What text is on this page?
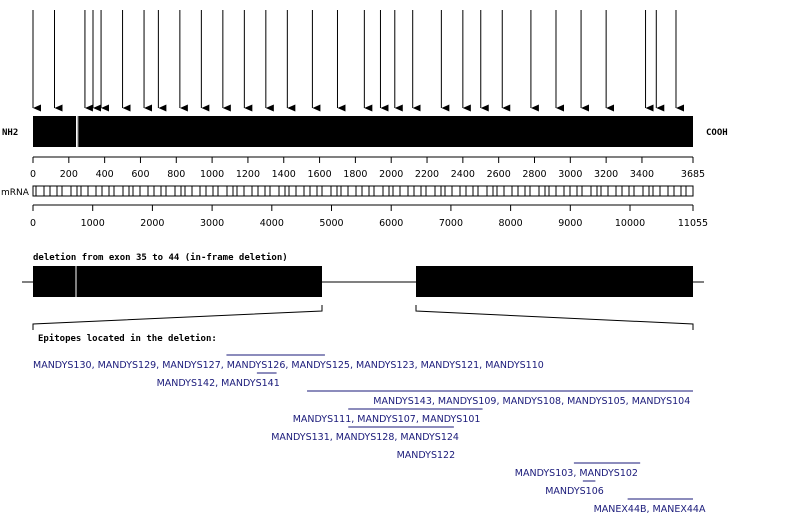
NH2	COOH
0 200 400 600 800 1000 1200 1400 1600 1800 2000 2200 2400 2600 2800 3000 3200 3400	3685
mRNA
0	1000	2000	3000	4000	5000	6000	7000	8000	9000	10000	11055
deletion from exon 35 to 44 (in-frame deletion)
Epitopes located in the deletion:
MANDYS130, MANDYS129, MANDYS127, MANDYS126, MANDYS125, MANDYS123, MANDYS121, MANDYS110
MANDYS142, MANDYS141
MANDYS143, MANDYS109, MANDYS108, MANDYS105, MANDYS104
MANDYS111, MANDYS107, MANDYS101
MANDYS131, MANDYS128, MANDYS124
MANDYS122
MANDYS103, MANDYS102
MANDYS106
MANEX44B, MANEX44A
